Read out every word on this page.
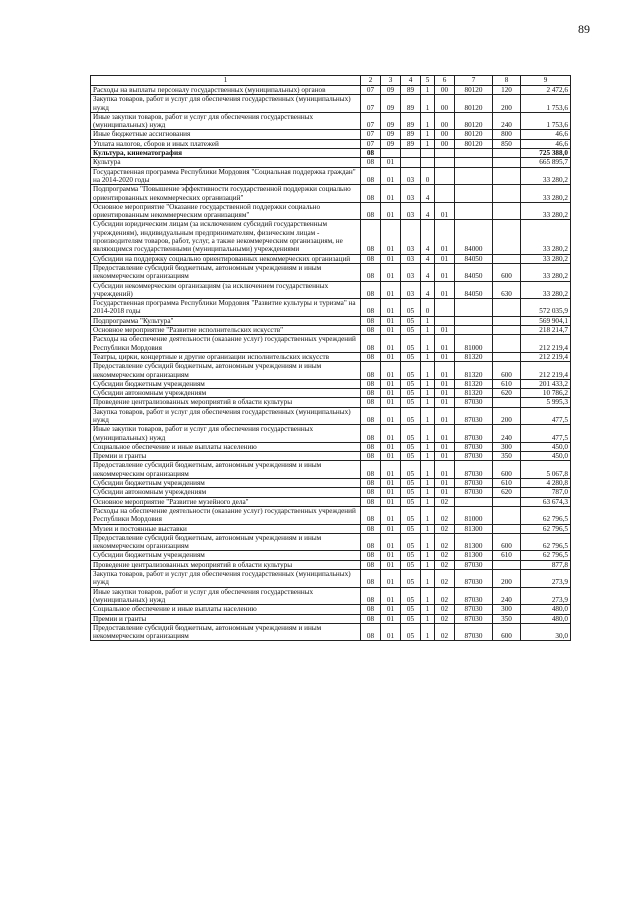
89
1	2	3	4	5	6	7	8	9
Расходы на выплаты персоналу государственных (муниципальных) органов	07	09	89	1	00	80120	120	2 472,6
Закупка товаров, работ и услуг для обеспечения государственных (муниципальных) нужд	07	09	89	1	00	80120	200	1 753,6
Иные закупки товаров, работ и услуг для обеспечения государственных (муниципальных) нужд	07	09	89	1	00	80120	240	1 753,6
Иные бюджетные ассигнования	07	09	89	1	00	80120	800	46,6
Уплата налогов, сборов и иных платежей	07	09	89	1	00	80120	850	46,6
Культура, кинематография	08							725 388,0
Культура	08	01						665 895,7
Государственная программа Республики Мордовия "Социальная поддержка граждан" на 2014-2020 годы	08	01	03	0				33 280,2
Подпрограмма "Повышение эффективности государственной поддержки социально ориентированных некоммерческих организаций"	08	01	03	4				33 280,2
Основное мероприятие "Оказание государственной поддержки социально ориентированным некоммерческим организациям"	08	01	03	4	01			33 280,2
Субсидии юридическим лицам (за исключением субсидий государственным учреждениям), индивидуальным предпринимателям, физическим лицам - производителям товаров, работ, услуг, а также некоммерческим организациям, не являющимся государственными (муниципальными) учреждениями	08	01	03	4	01	84000		33 280,2
Субсидии на поддержку социально ориентированных некоммерческих организаций	08	01	03	4	01	84050		33 280,2
Предоставление субсидий бюджетным, автономным учреждениям и иным некоммерческим организациям	08	01	03	4	01	84050	600	33 280,2
Субсидии некоммерческим организациям (за исключением государственных учреждений)	08	01	03	4	01	84050	630	33 280,2
Государственная программа Республики Мордовия "Развитие культуры и туризма" на 2014-2018 годы	08	01	05	0				572 035,9
Подпрограмма "Культура"	08	01	05	1				569 904,1
Основное мероприятие "Развитие исполнительских искусств"	08	01	05	1	01			218 214,7
Расходы на обеспечение деятельности (оказание услуг) государственных учреждений Республики Мордовия	08	01	05	1	01	81000		212 219,4
Театры, цирки, концертные и другие организации исполнительских искусств	08	01	05	1	01	81320		212 219,4
Предоставление субсидий бюджетным, автономным учреждениям и иным некоммерческим организациям	08	01	05	1	01	81320	600	212 219,4
Субсидии бюджетным учреждениям	08	01	05	1	01	81320	610	201 433,2
Субсидии автономным учреждениям	08	01	05	1	01	81320	620	10 786,2
Проведение централизованных мероприятий в области культуры	08	01	05	1	01	87030		5 995,3
Закупка товаров, работ и услуг для обеспечения государственных (муниципальных) нужд	08	01	05	1	01	87030	200	477,5
Иные закупки товаров, работ и услуг для обеспечения государственных (муниципальных) нужд	08	01	05	1	01	87030	240	477,5
Социальное обеспечение и иные выплаты населению	08	01	05	1	01	87030	300	450,0
Премии и гранты	08	01	05	1	01	87030	350	450,0
Предоставление субсидий бюджетным, автономным учреждениям и иным некоммерческим организациям	08	01	05	1	01	87030	600	5 067,8
Субсидии бюджетным учреждениям	08	01	05	1	01	87030	610	4 280,8
Субсидии автономным учреждениям	08	01	05	1	01	87030	620	787,0
Основное мероприятие "Развитие музейного дела"	08	01	05	1	02			63 674,3
Расходы на обеспечение деятельности (оказание услуг) государственных учреждений Республики Мордовия	08	01	05	1	02	81000		62 796,5
Музеи и постоянные выставки	08	01	05	1	02	81300		62 796,5
Предоставление субсидий бюджетным, автономным учреждениям и иным некоммерческим организациям	08	01	05	1	02	81300	600	62 796,5
Субсидии бюджетным учреждениям	08	01	05	1	02	81300	610	62 796,5
Проведение централизованных мероприятий в области культуры	08	01	05	1	02	87030		877,8
Закупка товаров, работ и услуг для обеспечения государственных (муниципальных) нужд	08	01	05	1	02	87030	200	273,9
Иные закупки товаров, работ и услуг для обеспечения государственных (муниципальных) нужд	08	01	05	1	02	87030	240	273,9
Социальное обеспечение и иные выплаты населению	08	01	05	1	02	87030	300	480,0
Премии и гранты	08	01	05	1	02	87030	350	480,0
Предоставление субсидий бюджетным, автономным учреждениям и иным некоммерческим организациям	08	01	05	1	02	87030	600	30,0
